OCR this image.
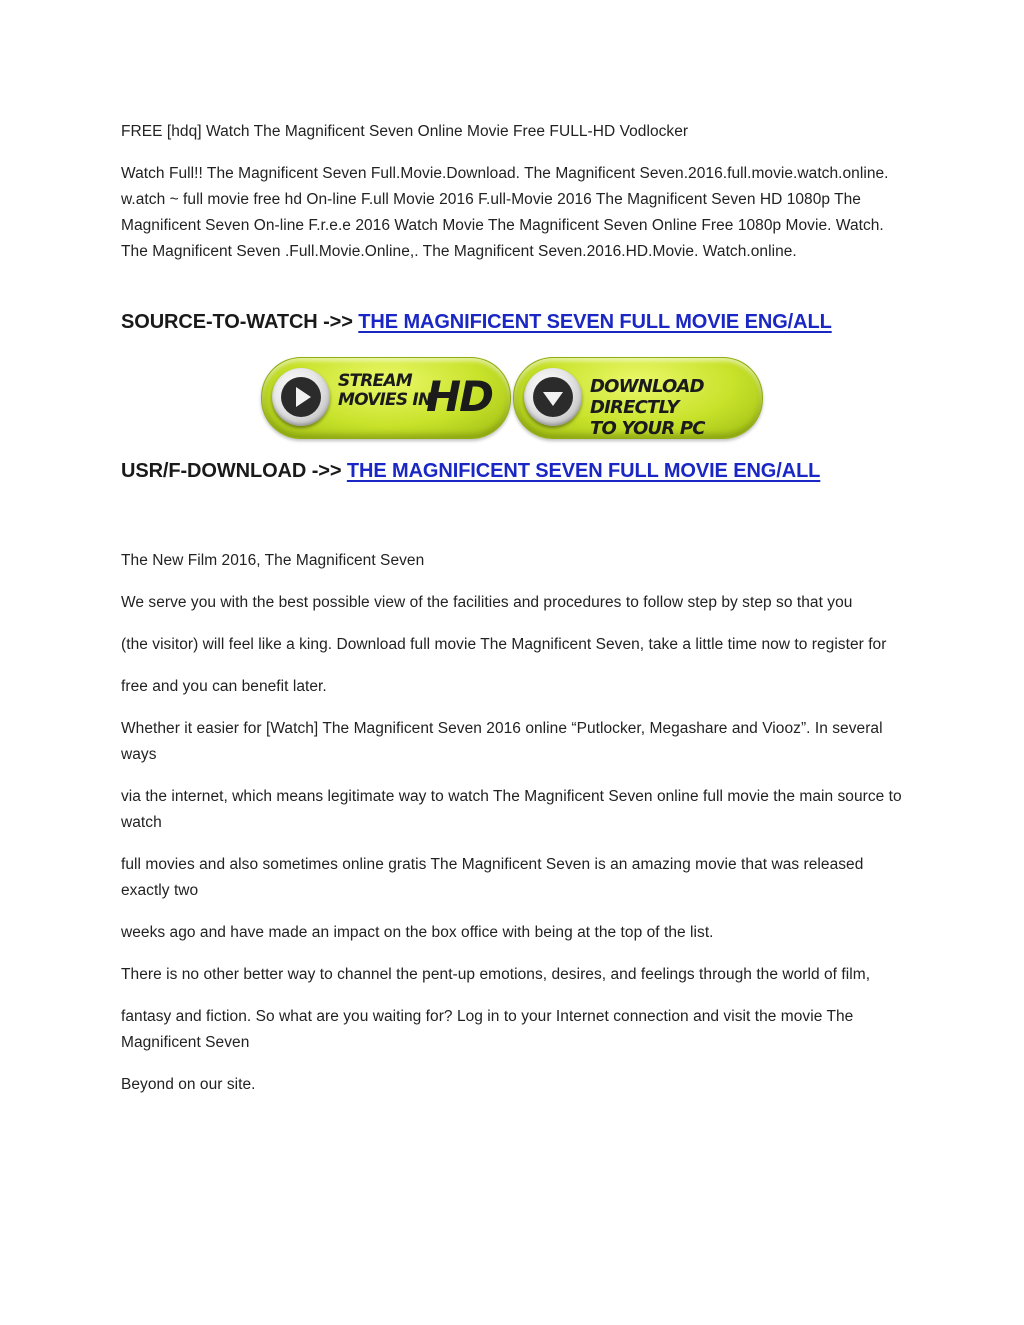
FREE [hdq] Watch The Magnificent Seven Online Movie Free FULL-HD Vodlocker

Watch Full!! The Magnificent Seven Full.Movie.Download. The Magnificent Seven.2016.full.movie.watch.online. w.atch ~ full movie free hd On-line F.ull Movie 2016 F.ull-Movie 2016 The Magnificent Seven HD 1080p The Magnificent Seven On-line F.r.e.e 2016 Watch Movie The Magnificent Seven Online Free 1080p Movie. Watch. The Magnificent Seven .Full.Movie.Online,. The Magnificent Seven.2016.HD.Movie. Watch.online.

SOURCE-TO-WATCH ->> THE MAGNIFICENT SEVEN FULL MOVIE ENG/ALL
STREAM
MOVIES IN
HD	DOWNLOAD DIRECTLY
TO YOUR PC
USR/F-DOWNLOAD ->> THE MAGNIFICENT SEVEN FULL MOVIE ENG/ALL

The New Film 2016, The Magnificent Seven

We serve you with the best possible view of the facilities and procedures to follow step by step so that you

(the visitor) will feel like a king. Download full movie The Magnificent Seven, take a little time now to register for

free and you can benefit later.

Whether it easier for [Watch] The Magnificent Seven 2016 online “Putlocker, Megashare and Viooz”. In several ways

via the internet, which means legitimate way to watch The Magnificent Seven online full movie the main source to watch

full movies and also sometimes online gratis The Magnificent Seven is an amazing movie that was released exactly two

weeks ago and have made an impact on the box office with being at the top of the list.

There is no other better way to channel the pent-up emotions, desires, and feelings through the world of film,

fantasy and fiction. So what are you waiting for? Log in to your Internet connection and visit the movie The Magnificent Seven

Beyond on our site.
